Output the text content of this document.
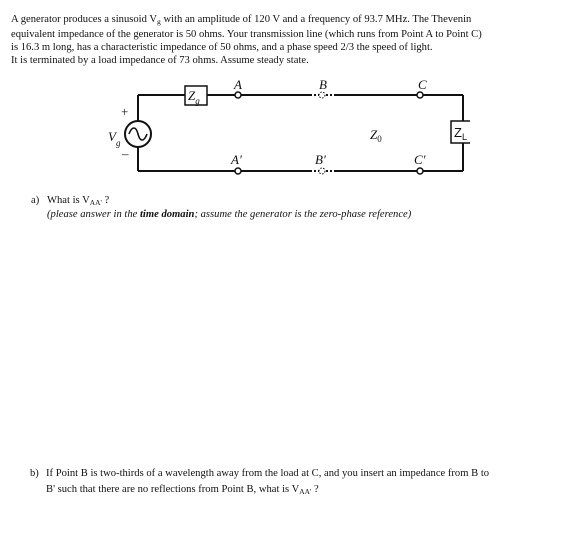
A generator produces a sinusoid $V_g$ with an amplitude of 120 V and a frequency of 93.7 MHz. The Thevenin

equivalent impedance of the generator is 50 ohms. Your transmission line (which runs from Point A to Point C)

is 16.3 m long, has a characteristic impedance of 50 ohms, and a phase speed 2/3 the speed of light.

It is terminated by a load impedance of 73 ohms. Assume steady state.

A	B	C
A'	B'	C'
$Z_g$
$Z_0$	$Z_L$
$V_g$
+
–
a) What is $V_{AA'}$ ?
(please answer in the time domain; assume the generator is the zero-phase reference)
b) If Point B is two-thirds of a wavelength away from the load at C, and you insert an impedance from B to
B' such that there are no reflections from Point B, what is $V_{AA'}$ ?
